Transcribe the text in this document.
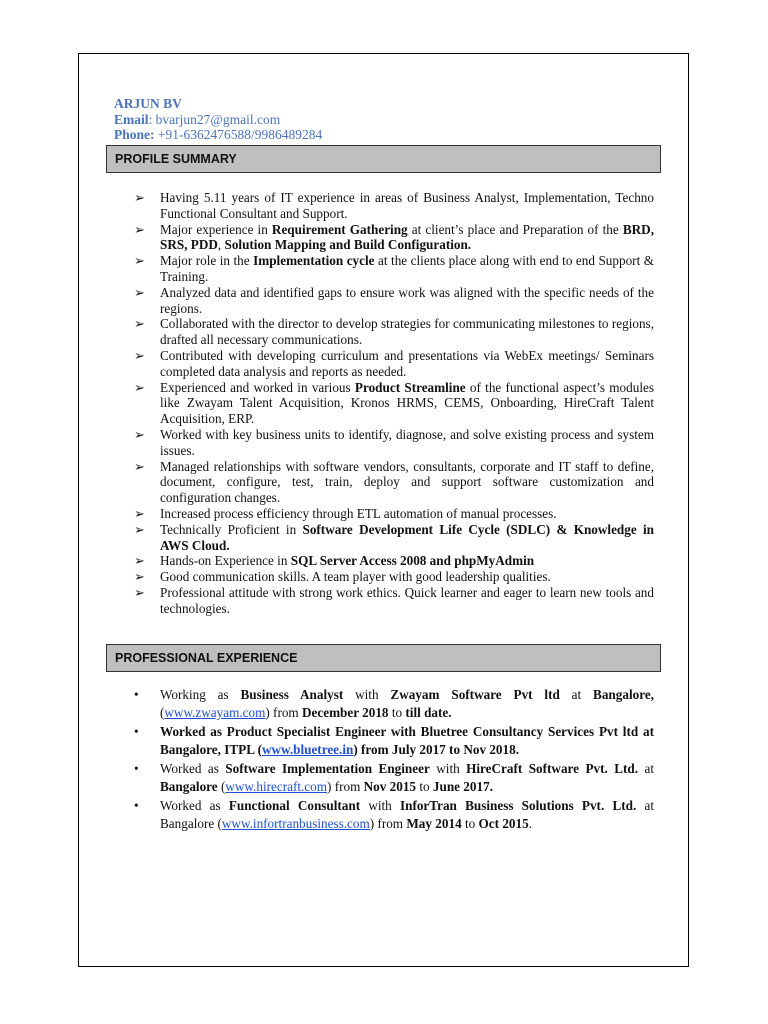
ARJUN BV
Email: bvarjun27@gmail.com
Phone: +91-6362476588/9986489284
PROFILE SUMMARY
➢	Having 5.11 years of IT experience in areas of Business Analyst, Implementation, Techno Functional Consultant and Support.
➢	Major experience in Requirement Gathering at client’s place and Preparation of the BRD, SRS, PDD, Solution Mapping and Build Configuration.
➢	Major role in the Implementation cycle at the clients place along with end to end Support & Training.
➢	Analyzed data and identified gaps to ensure work was aligned with the specific needs of the regions.
➢	Collaborated with the director to develop strategies for communicating milestones to regions, drafted all necessary communications.
➢	Contributed with developing curriculum and presentations via WebEx meetings/ Seminars completed data analysis and reports as needed.
➢	Experienced and worked in various Product Streamline of the functional aspect’s modules like Zwayam Talent Acquisition, Kronos HRMS, CEMS, Onboarding, HireCraft Talent Acquisition, ERP.
➢	Worked with key business units to identify, diagnose, and solve existing process and system issues.
➢	Managed relationships with software vendors, consultants, corporate and IT staff to define, document, configure, test, train, deploy and support software customization and configuration changes.
➢	Increased process efficiency through ETL automation of manual processes.
➢	Technically Proficient in Software Development Life Cycle (SDLC) & Knowledge in AWS Cloud.
➢	Hands-on Experience in SQL Server Access 2008 and phpMyAdmin
➢	Good communication skills. A team player with good leadership qualities.
➢	Professional attitude with strong work ethics. Quick learner and eager to learn new tools and technologies.
PROFESSIONAL EXPERIENCE
•	Working as Business Analyst with Zwayam Software Pvt ltd at Bangalore, (www.zwayam.com) from December 2018 to till date.
•	Worked as Product Specialist Engineer with Bluetree Consultancy Services Pvt ltd at Bangalore, ITPL (www.bluetree.in) from July 2017 to Nov 2018.
•	Worked as Software Implementation Engineer with HireCraft Software Pvt. Ltd. at Bangalore (www.hirecraft.com) from Nov 2015 to June 2017.
•	Worked as Functional Consultant with InforTran Business Solutions Pvt. Ltd. at Bangalore (www.infortranbusiness.com) from May 2014 to Oct 2015.
